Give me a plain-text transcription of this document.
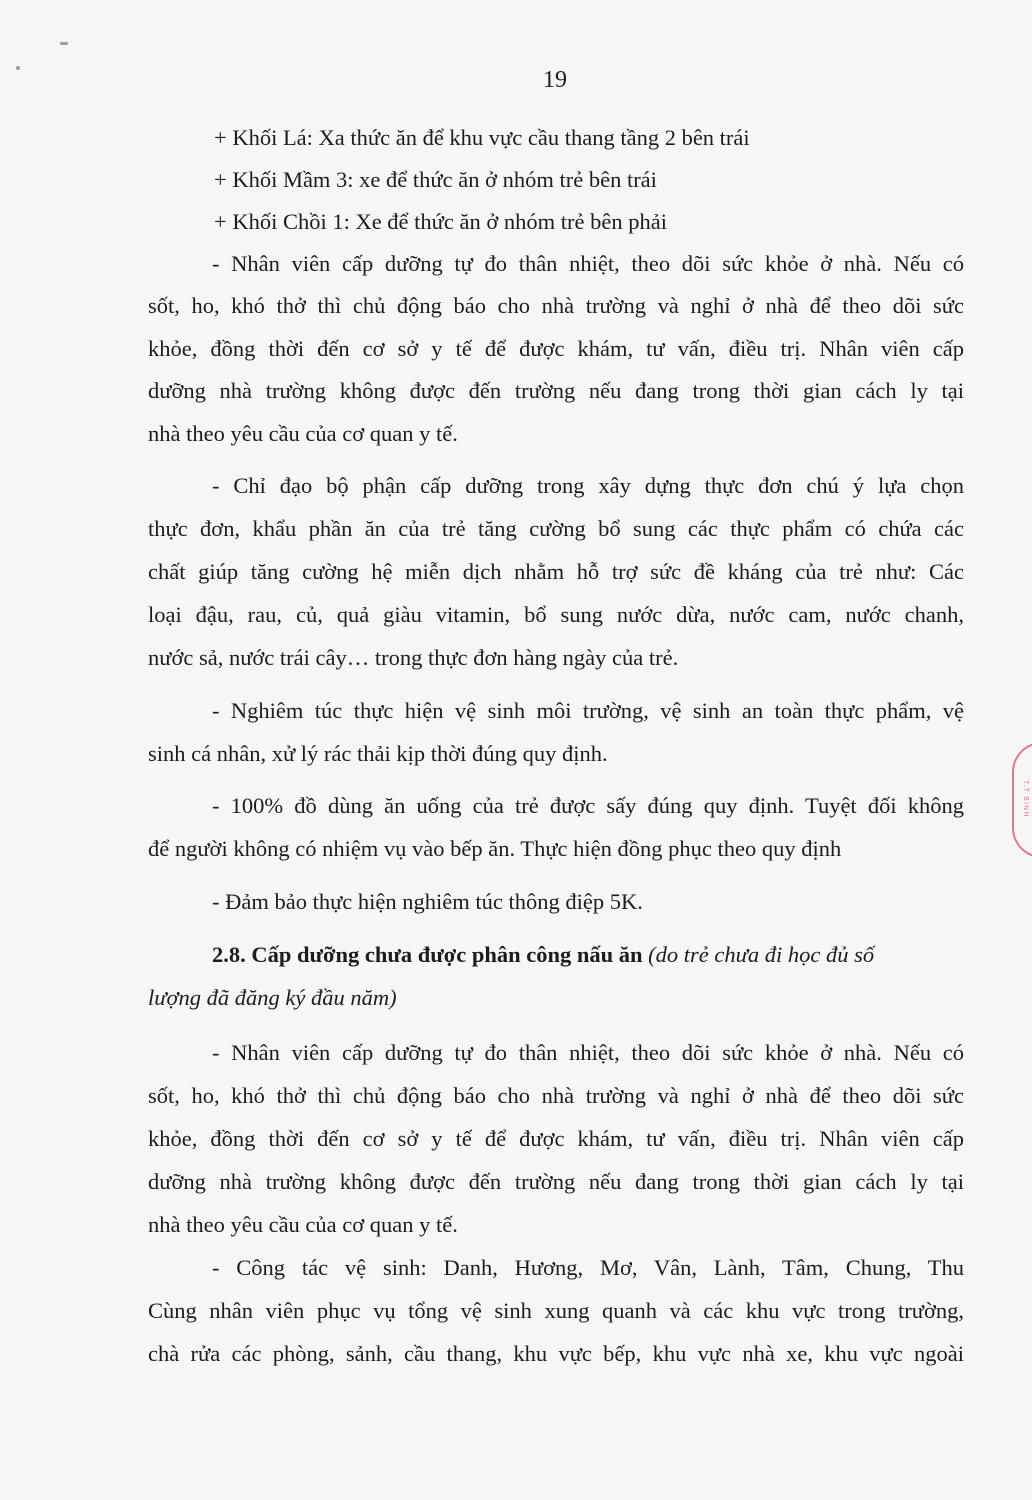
19
+ Khối Lá: Xa thức ăn để khu vực cầu thang tầng 2 bên trái
+ Khối Mầm 3: xe để thức ăn ở nhóm trẻ bên trái
+ Khối Chồi 1: Xe để thức ăn ở nhóm trẻ bên phải
- Nhân viên cấp dưỡng tự đo thân nhiệt, theo dõi sức khỏe ở nhà. Nếu có
sốt, ho, khó thở thì chủ động báo cho nhà trường và nghỉ ở nhà để theo dõi sức
khỏe, đồng thời đến cơ sở y tế để được khám, tư vấn, điều trị. Nhân viên cấp
dưỡng nhà trường không được đến trường nếu đang trong thời gian cách ly tại
nhà theo yêu cầu của cơ quan y tế.
- Chỉ đạo bộ phận cấp dưỡng trong xây dựng thực đơn chú ý lựa chọn
thực đơn, khẩu phần ăn của trẻ tăng cường bổ sung các thực phẩm có chứa các
chất giúp tăng cường hệ miễn dịch nhằm hỗ trợ sức đề kháng của trẻ như: Các
loại đậu, rau, củ, quả giàu vitamin, bổ sung nước dừa, nước cam, nước chanh,
nước sả, nước trái cây… trong thực đơn hàng ngày của trẻ.
- Nghiêm túc thực hiện vệ sinh môi trường, vệ sinh an toàn thực phẩm, vệ
sinh cá nhân, xử lý rác thải kịp thời đúng quy định.
- 100% đồ dùng ăn uống của trẻ được sấy đúng quy định. Tuyệt đối không
để người không có nhiệm vụ vào bếp ăn. Thực hiện đồng phục theo quy định
- Đảm bảo thực hiện nghiêm túc thông điệp 5K.
2.8. Cấp dưỡng chưa được phân công nấu ăn (do trẻ chưa đi học đủ số
lượng đã đăng ký đầu năm)
- Nhân viên cấp dưỡng tự đo thân nhiệt, theo dõi sức khỏe ở nhà. Nếu có
sốt, ho, khó thở thì chủ động báo cho nhà trường và nghỉ ở nhà để theo dõi sức
khỏe, đồng thời đến cơ sở y tế để được khám, tư vấn, điều trị. Nhân viên cấp
dưỡng nhà trường không được đến trường nếu đang trong thời gian cách ly tại
nhà theo yêu cầu của cơ quan y tế.
- Công tác vệ sinh: Danh, Hương, Mơ, Vân, Lành, Tâm, Chung, Thu
Cùng nhân viên phục vụ tổng vệ sinh xung quanh và các khu vực trong trường,
chà rửa các phòng, sảnh, cầu thang, khu vực bếp, khu vực nhà xe, khu vực ngoài
T.T BÌNH
